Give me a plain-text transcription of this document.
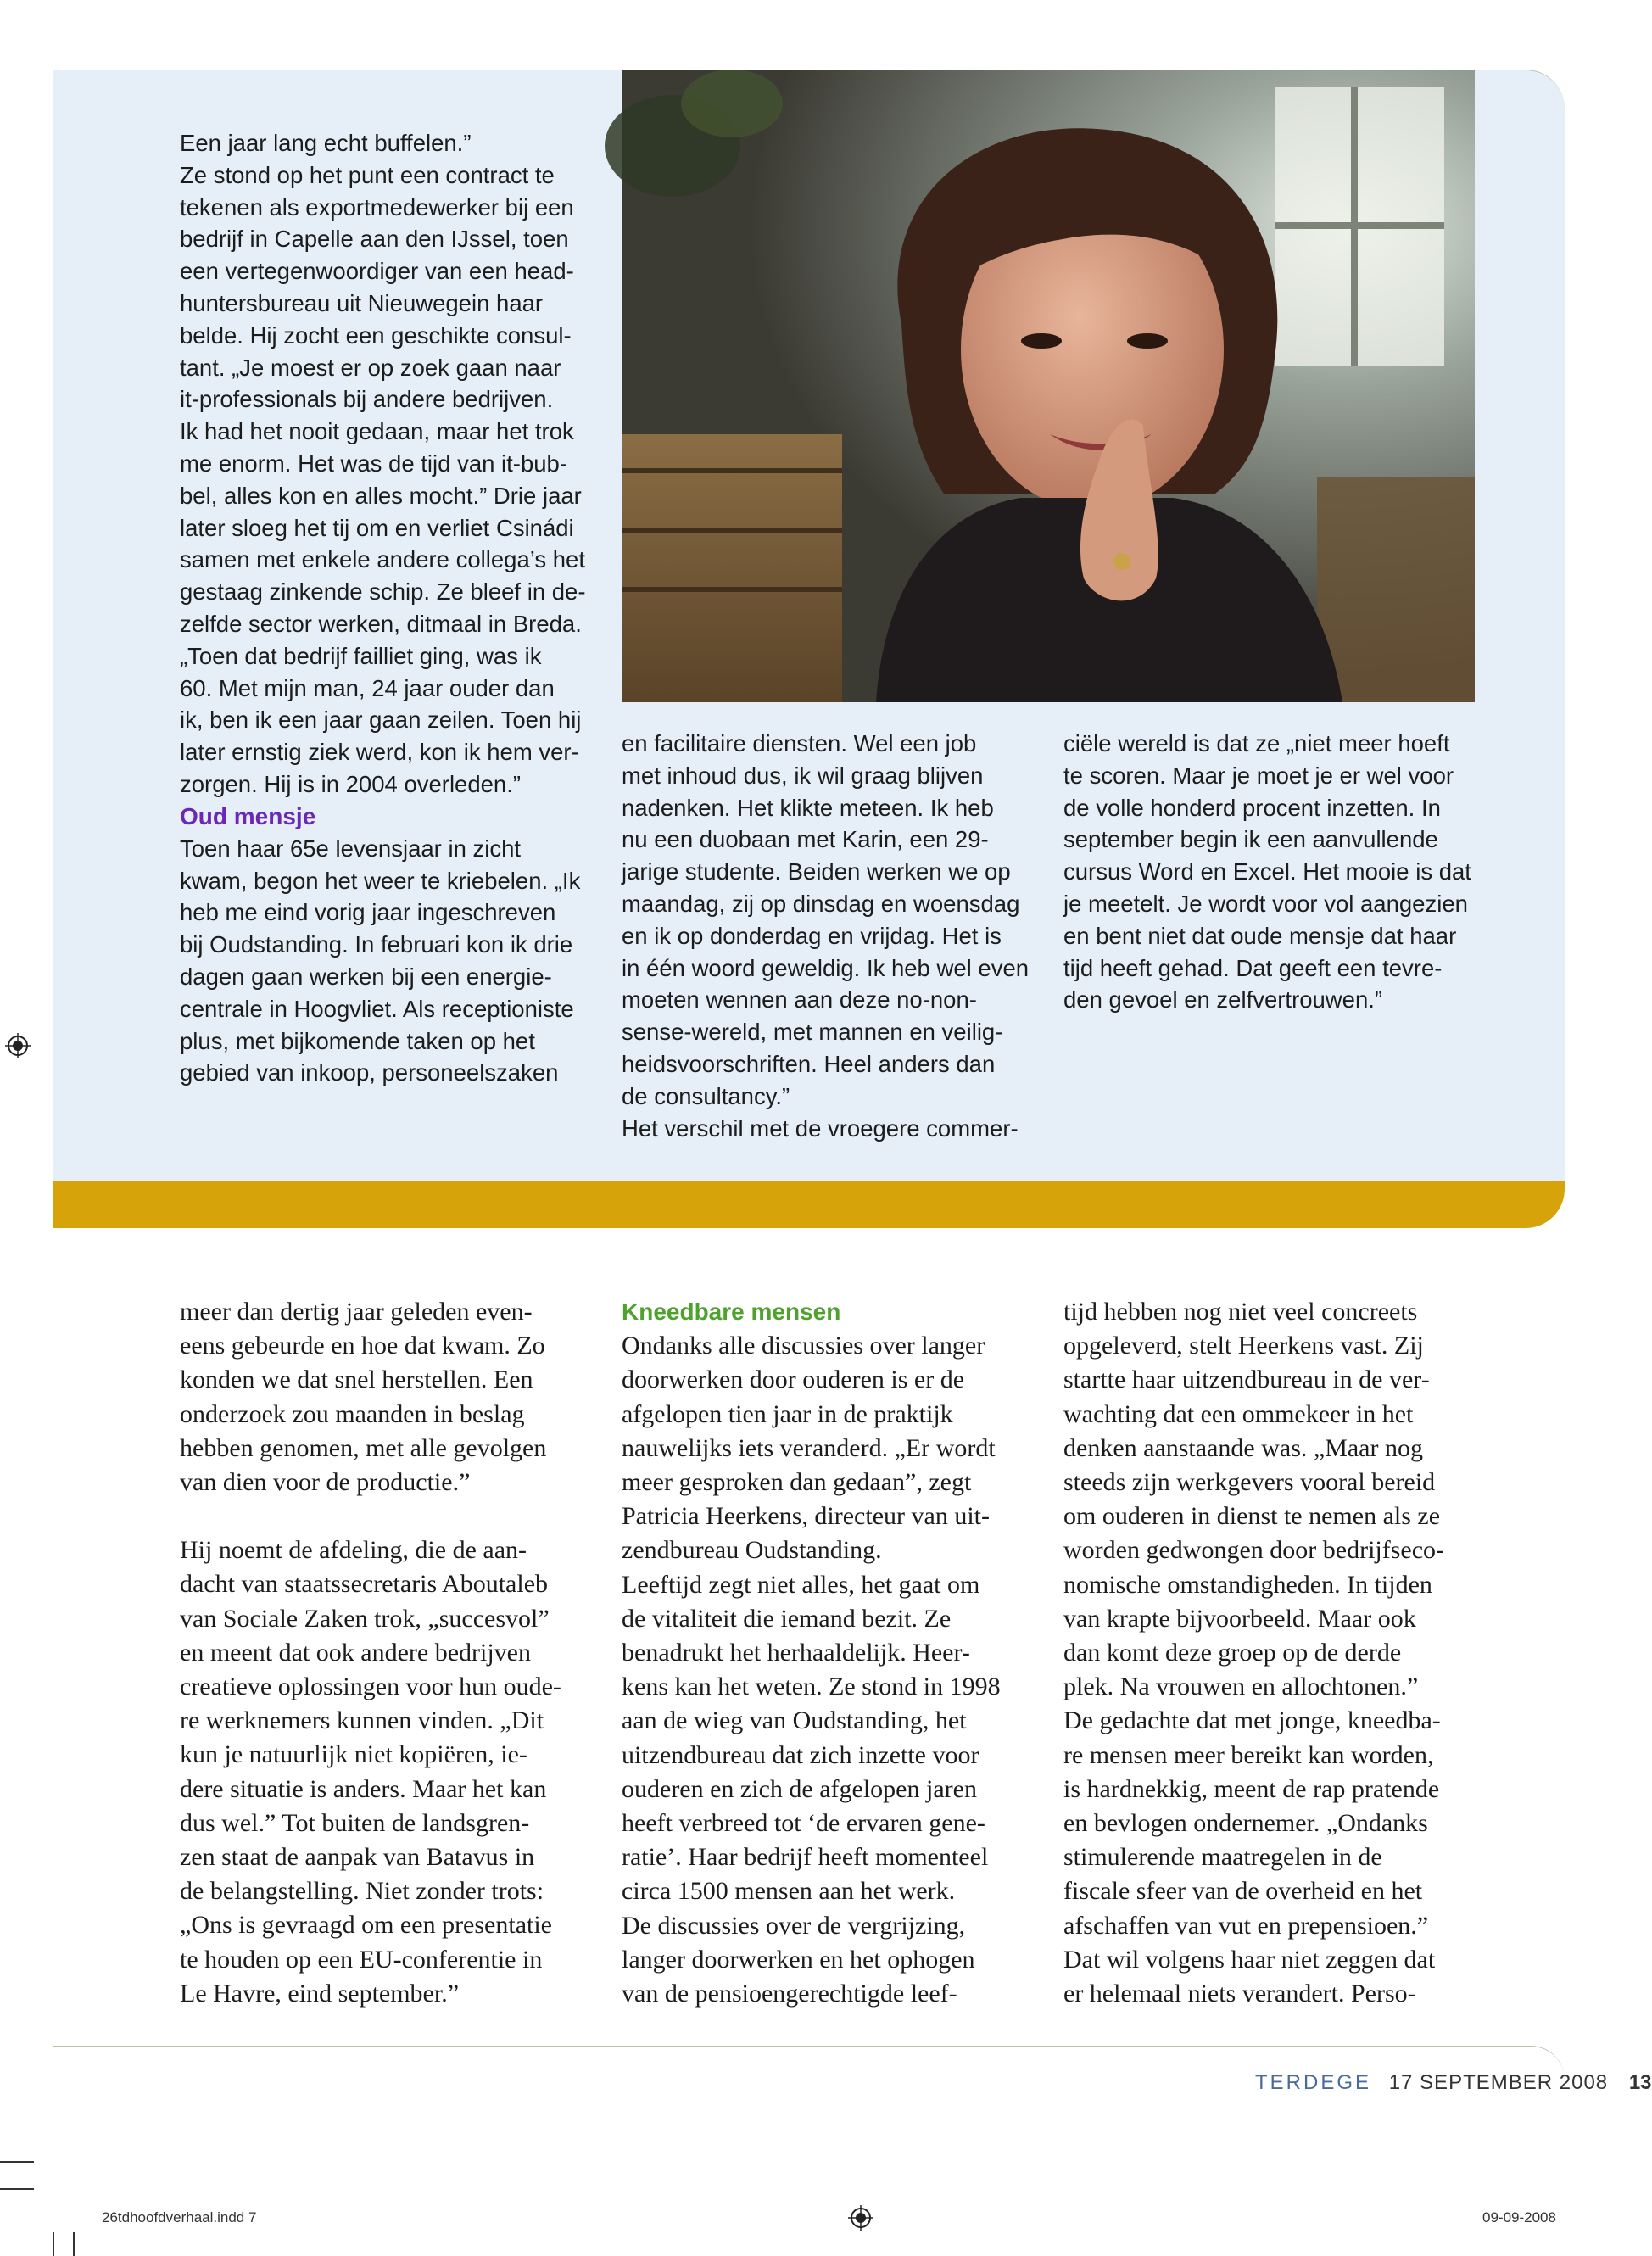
Een jaar lang echt buffelen.”
Ze stond op het punt een contract te
tekenen als exportmedewerker bij een
bedrijf in Capelle aan den IJssel, toen
een vertegenwoordiger van een head-
huntersbureau uit Nieuwegein haar
belde. Hij zocht een geschikte consul-
tant. „Je moest er op zoek gaan naar
it-professionals bij andere bedrijven.
Ik had het nooit gedaan, maar het trok
me enorm. Het was de tijd van it-bub-
bel, alles kon en alles mocht.” Drie jaar
later sloeg het tij om en verliet Csinádi
samen met enkele andere collega’s het
gestaag zinkende schip. Ze bleef in de-
zelfde sector werken, ditmaal in Breda.
„Toen dat bedrijf failliet ging, was ik
60. Met mijn man, 24 jaar ouder dan
ik, ben ik een jaar gaan zeilen. Toen hij
later ernstig ziek werd, kon ik hem ver-
zorgen. Hij is in 2004 overleden.”

Oud mensje

Toen haar 65e levensjaar in zicht
kwam, begon het weer te kriebelen. „Ik
heb me eind vorig jaar ingeschreven
bij Oudstanding. In februari kon ik drie
dagen gaan werken bij een energie-
centrale in Hoogvliet. Als receptioniste
plus, met bijkomende taken op het
gebied van inkoop, personeelszaken

en facilitaire diensten. Wel een job
met inhoud dus, ik wil graag blijven
nadenken. Het klikte meteen. Ik heb
nu een duobaan met Karin, een 29-
jarige studente. Beiden werken we op
maandag, zij op dinsdag en woensdag
en ik op donderdag en vrijdag. Het is
in één woord geweldig. Ik heb wel even
moeten wennen aan deze no-non-
sense-wereld, met mannen en veilig-
heidsvoorschriften. Heel anders dan
de consultancy.”
Het verschil met de vroegere commer-

ciële wereld is dat ze „niet meer hoeft
te scoren. Maar je moet je er wel voor
de volle honderd procent inzetten. In
september begin ik een aanvullende
cursus Word en Excel. Het mooie is dat
je meetelt. Je wordt voor vol aangezien
en bent niet dat oude mensje dat haar
tijd heeft gehad. Dat geeft een tevre-
den gevoel en zelfvertrouwen.”

meer dan dertig jaar geleden even-
eens gebeurde en hoe dat kwam. Zo
konden we dat snel herstellen. Een
onderzoek zou maanden in beslag
hebben genomen, met alle gevolgen
van dien voor de productie.”

Hij noemt de afdeling, die de aan-
dacht van staatssecretaris Aboutaleb
van Sociale Zaken trok, „succesvol”
en meent dat ook andere bedrijven
creatieve oplossingen voor hun oude-
re werknemers kunnen vinden. „Dit
kun je natuurlijk niet kopiëren, ie-
dere situatie is anders. Maar het kan
dus wel.” Tot buiten de landsgren-
zen staat de aanpak van Batavus in
de belangstelling. Niet zonder trots:
„Ons is gevraagd om een presentatie
te houden op een EU-conferentie in
Le Havre, eind september.”

Kneedbare mensen

Ondanks alle discussies over langer
doorwerken door ouderen is er de
afgelopen tien jaar in de praktijk
nauwelijks iets veranderd. „Er wordt
meer gesproken dan gedaan”, zegt
Patricia Heerkens, directeur van uit-
zendbureau Oudstanding.
Leeftijd zegt niet alles, het gaat om
de vitaliteit die iemand bezit. Ze
benadrukt het herhaaldelijk. Heer-
kens kan het weten. Ze stond in 1998
aan de wieg van Oudstanding, het
uitzendbureau dat zich inzette voor
ouderen en zich de afgelopen jaren
heeft verbreed tot ‘de ervaren gene-
ratie’. Haar bedrijf heeft momenteel
circa 1500 mensen aan het werk.
De discussies over de vergrijzing,
langer doorwerken en het ophogen
van de pensioengerechtigde leef-

tijd hebben nog niet veel concreets
opgeleverd, stelt Heerkens vast. Zij
startte haar uitzendbureau in de ver-
wachting dat een ommekeer in het
denken aanstaande was. „Maar nog
steeds zijn werkgevers vooral bereid
om ouderen in dienst te nemen als ze
worden gedwongen door bedrijfseco-
nomische omstandigheden. In tijden
van krapte bijvoorbeeld. Maar ook
dan komt deze groep op de derde
plek. Na vrouwen en allochtonen.”
De gedachte dat met jonge, kneedba-
re mensen meer bereikt kan worden,
is hardnekkig, meent de rap pratende
en bevlogen ondernemer. „Ondanks
stimulerende maatregelen in de
fiscale sfeer van de overheid en het
afschaffen van vut en prepensioen.”
Dat wil volgens haar niet zeggen dat
er helemaal niets verandert. Perso-

TERDEGE 17 SEPTEMBER 2008 13
26tdhoofdverhaal.indd 7	09-09-2008
